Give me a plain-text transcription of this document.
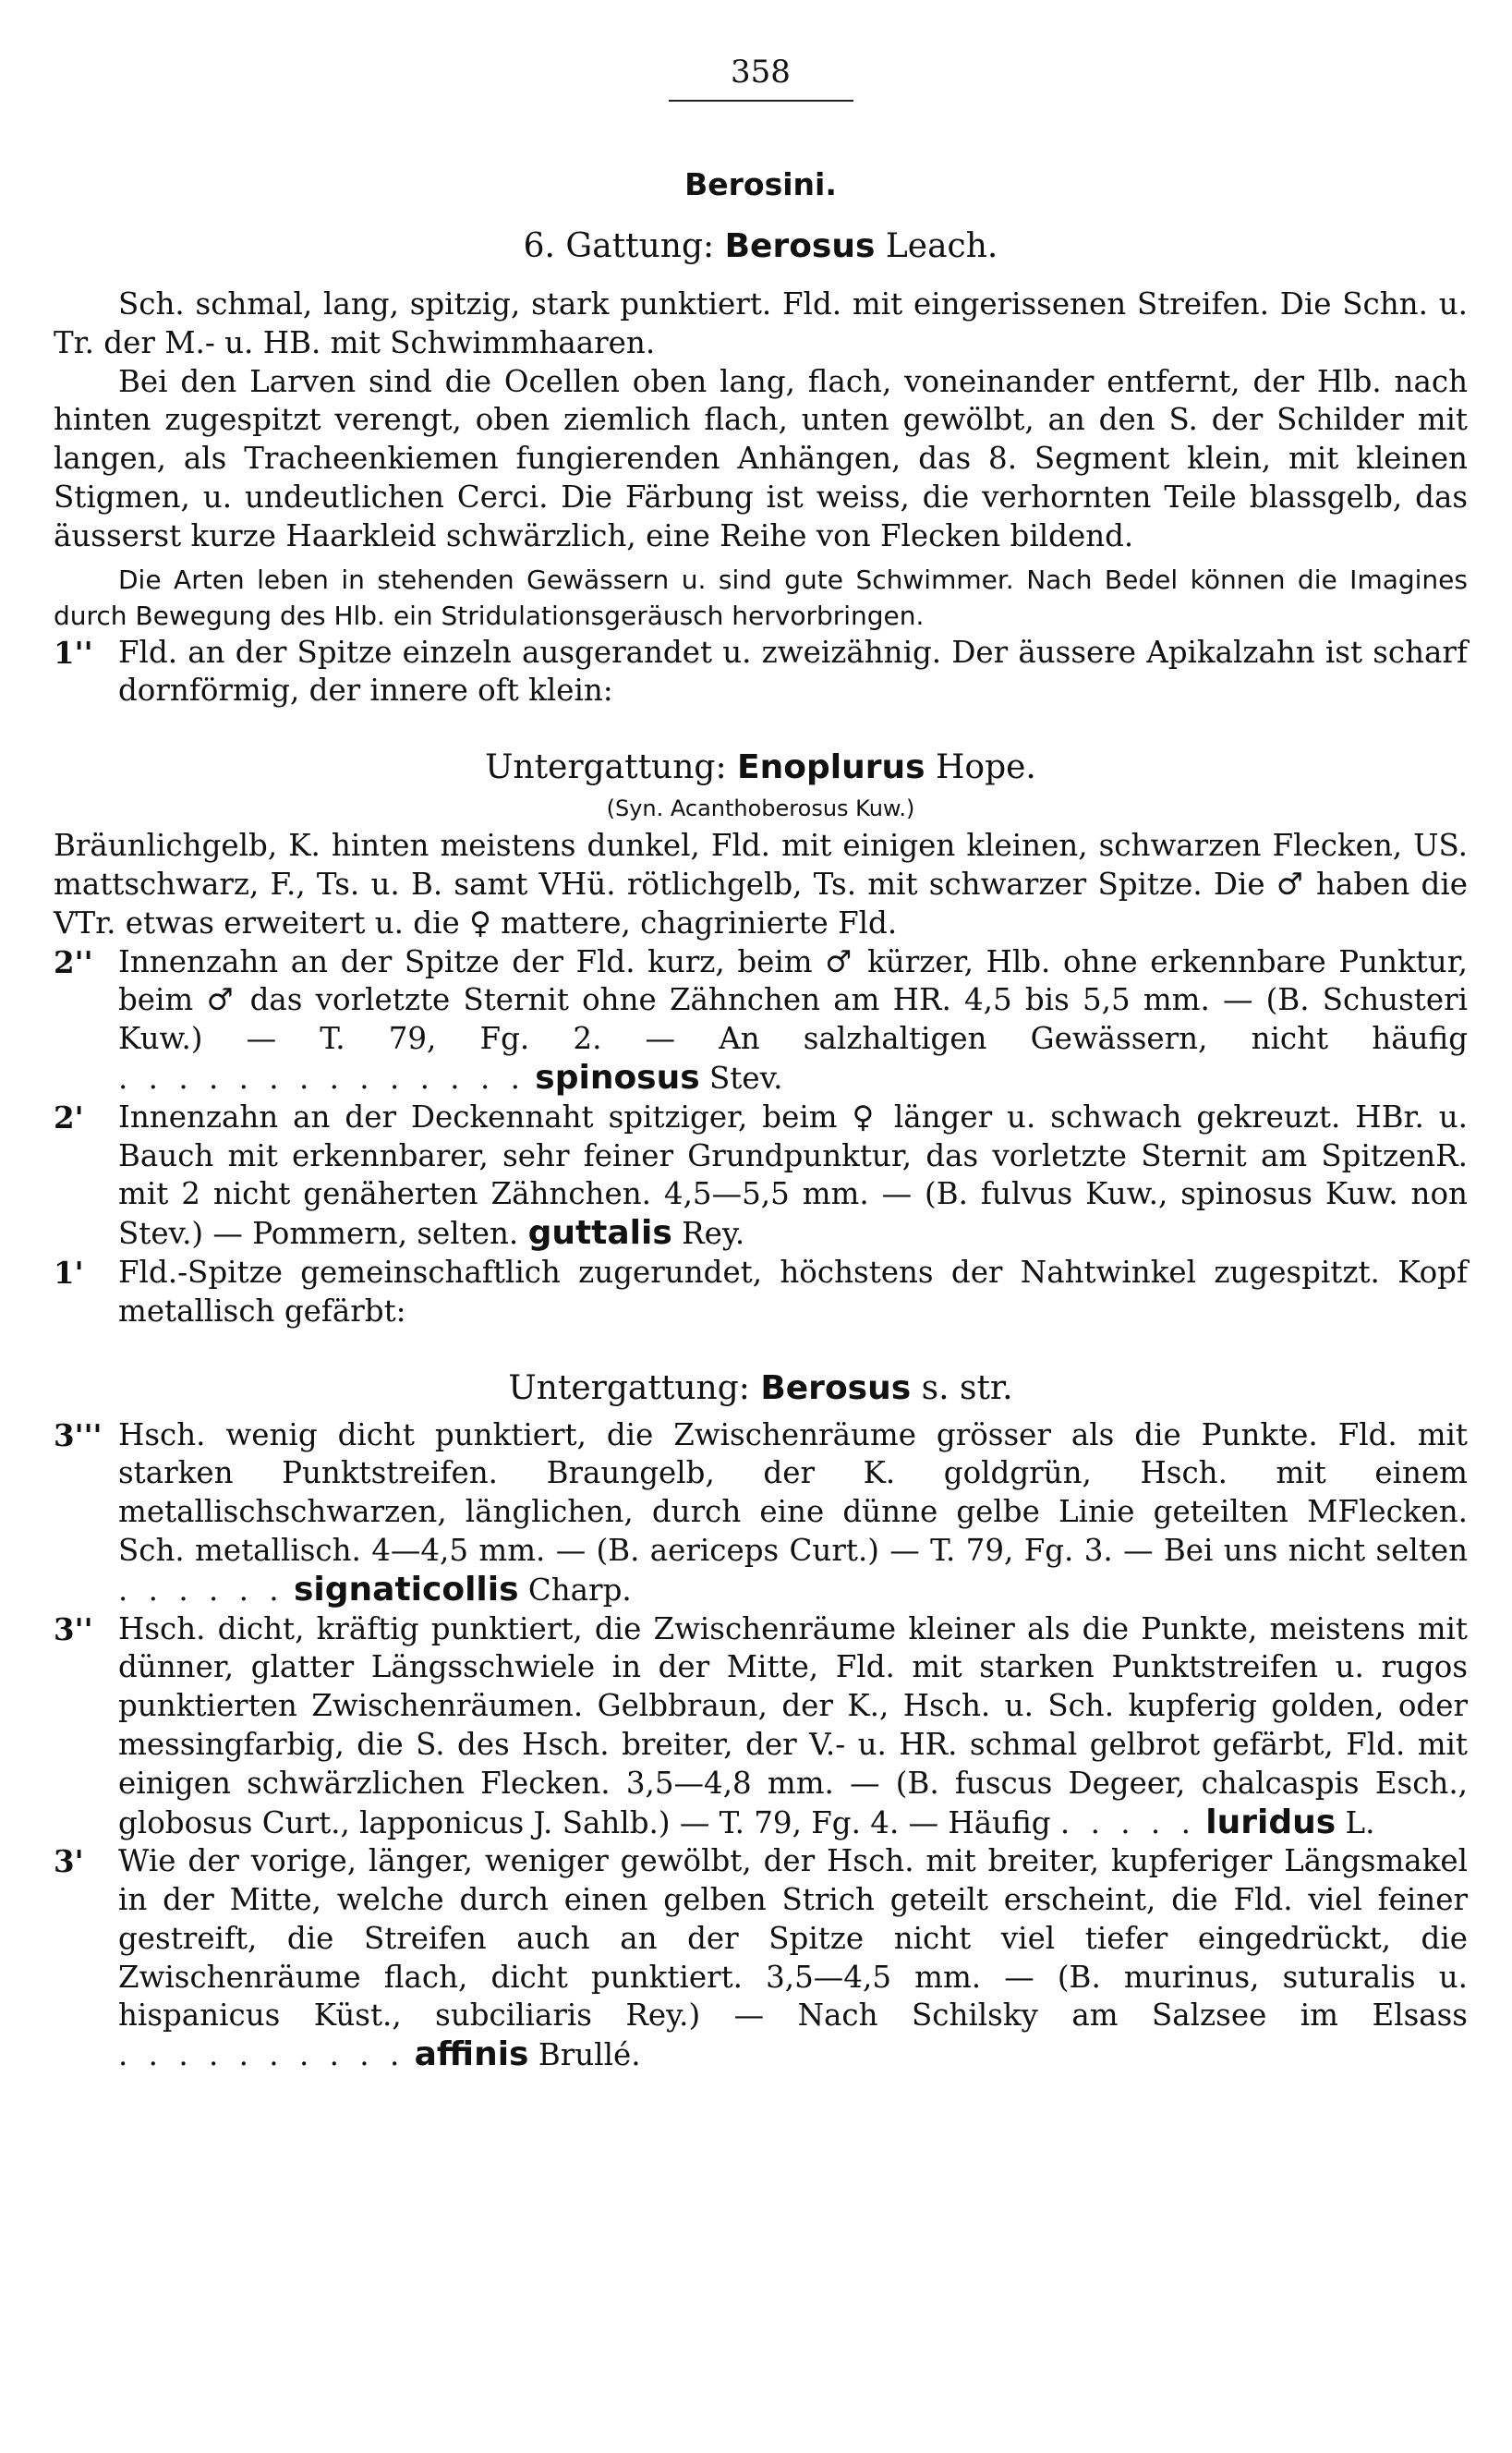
358
Berosini.
6. Gattung: Berosus Leach.

Sch. schmal, lang, spitzig, stark punktiert. Fld. mit eingerissenen Streifen. Die Schn. u. Tr. der M.- u. HB. mit Schwimmhaaren.

Bei den Larven sind die Ocellen oben lang, flach, voneinander entfernt, der Hlb. nach hinten zugespitzt verengt, oben ziemlich flach, unten gewölbt, an den S. der Schilder mit langen, als Tracheenkiemen fungierenden Anhängen, das 8. Segment klein, mit kleinen Stigmen, u. undeutlichen Cerci. Die Färbung ist weiss, die verhornten Teile blassgelb, das äusserst kurze Haarkleid schwärzlich, eine Reihe von Flecken bildend.

Die Arten leben in stehenden Gewässern u. sind gute Schwimmer. Nach Bedel können die Imagines durch Bewegung des Hlb. ein Stridulationsgeräusch hervorbringen.

1'' Fld. an der Spitze einzeln ausgerandet u. zweizähnig. Der äussere Apikalzahn ist scharf dornförmig, der innere oft klein:
Untergattung: Enoplurus Hope.
(Syn. Acanthoberosus Kuw.)

Bräunlichgelb, K. hinten meistens dunkel, Fld. mit einigen kleinen, schwarzen Flecken, US. mattschwarz, F., Ts. u. B. samt VHü. rötlichgelb, Ts. mit schwarzer Spitze. Die ♂ haben die VTr. etwas erweitert u. die ♀ mattere, chagrinierte Fld.

2'' Innenzahn an der Spitze der Fld. kurz, beim ♂ kürzer, Hlb. ohne erkennbare Punktur, beim ♂ das vorletzte Sternit ohne Zähnchen am HR. 4,5 bis 5,5 mm. — (B. Schusteri Kuw.) — T. 79, Fg. 2. — An salzhaltigen Gewässern, nicht häufig . . . . . . . . . . . . . . spinosus Stev.
2' Innenzahn an der Deckennaht spitziger, beim ♀ länger u. schwach gekreuzt. HBr. u. Bauch mit erkennbarer, sehr feiner Grundpunktur, das vorletzte Sternit am SpitzenR. mit 2 nicht genäherten Zähnchen. 4,5—5,5 mm. — (B. fulvus Kuw., spinosus Kuw. non Stev.) — Pommern, selten. guttalis Rey.
1' Fld.-Spitze gemeinschaftlich zugerundet, höchstens der Nahtwinkel zugespitzt. Kopf metallisch gefärbt:
Untergattung: Berosus s. str.
3''' Hsch. wenig dicht punktiert, die Zwischenräume grösser als die Punkte. Fld. mit starken Punktstreifen. Braungelb, der K. goldgrün, Hsch. mit einem metallischschwarzen, länglichen, durch eine dünne gelbe Linie geteilten MFlecken. Sch. metallisch. 4—4,5 mm. — (B. aericeps Curt.) — T. 79, Fg. 3. — Bei uns nicht selten . . . . . . signaticollis Charp.
3'' Hsch. dicht, kräftig punktiert, die Zwischenräume kleiner als die Punkte, meistens mit dünner, glatter Längsschwiele in der Mitte, Fld. mit starken Punktstreifen u. rugos punktierten Zwischenräumen. Gelbbraun, der K., Hsch. u. Sch. kupferig golden, oder messingfarbig, die S. des Hsch. breiter, der V.- u. HR. schmal gelbrot gefärbt, Fld. mit einigen schwärzlichen Flecken. 3,5—4,8 mm. — (B. fuscus Degeer, chalcaspis Esch., globosus Curt., lapponicus J. Sahlb.) — T. 79, Fg. 4. — Häufig . . . . . luridus L.
3' Wie der vorige, länger, weniger gewölbt, der Hsch. mit breiter, kupferiger Längsmakel in der Mitte, welche durch einen gelben Strich geteilt erscheint, die Fld. viel feiner gestreift, die Streifen auch an der Spitze nicht viel tiefer eingedrückt, die Zwischenräume flach, dicht punktiert. 3,5—4,5 mm. — (B. murinus, suturalis u. hispanicus Küst., subciliaris Rey.) — Nach Schilsky am Salzsee im Elsass . . . . . . . . . . affinis Brullé.
